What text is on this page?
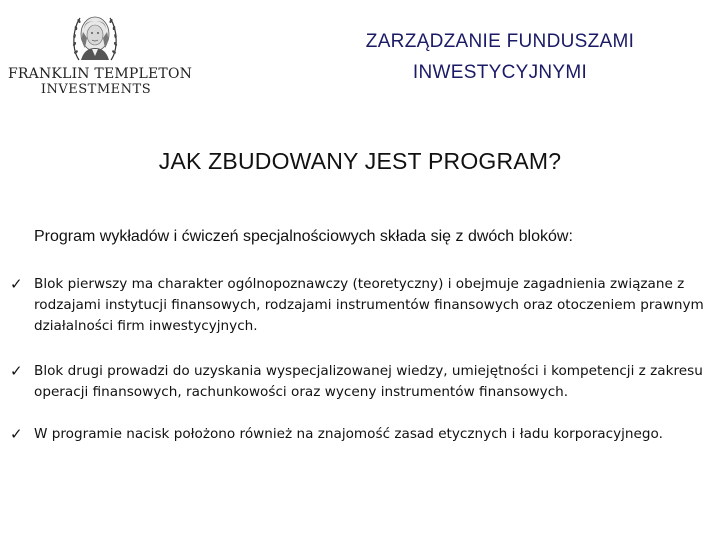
FRANKLIN TEMPLETON
INVESTMENTS
ZARZĄDZANIE FUNDUSZAMI
INWESTYCYJNYMI
JAK ZBUDOWANY JEST PROGRAM?
Program wykładów i ćwiczeń specjalnościowych składa się z dwóch bloków:
✓ Blok pierwszy ma charakter ogólnopoznawczy (teoretyczny) i obejmuje zagadnienia związane z rodzajami instytucji finansowych, rodzajami instrumentów finansowych oraz otoczeniem prawnym działalności firm inwestycyjnych.
✓ Blok drugi prowadzi do uzyskania wyspecjalizowanej wiedzy, umiejętności i kompetencji z zakresu operacji finansowych, rachunkowości oraz wyceny instrumentów finansowych.
✓ W programie nacisk położono również na znajomość zasad etycznych i ładu korporacyjnego.
